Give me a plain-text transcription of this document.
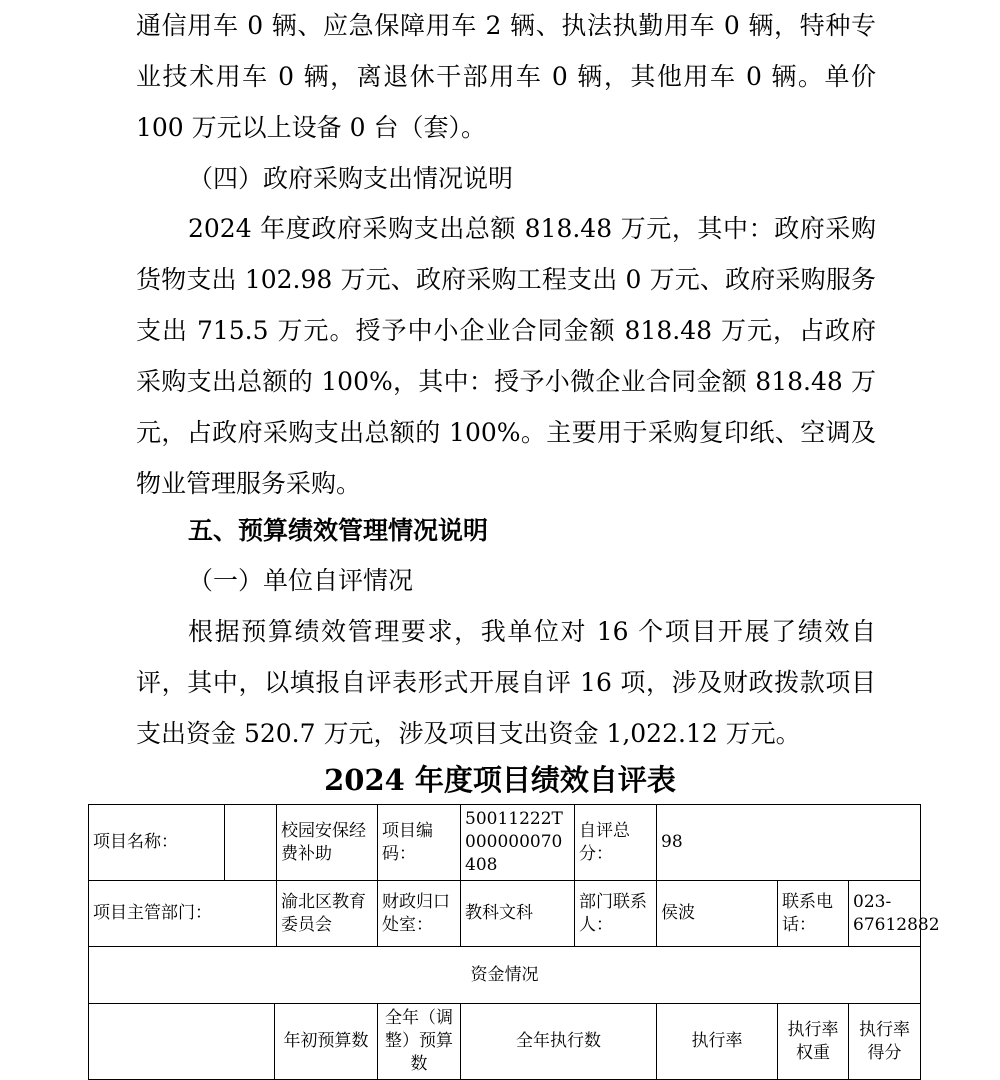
通信用车 0 辆、应急保障用车 2 辆、执法执勤用车 0 辆，特种专业技术用车 0 辆，离退休干部用车 0 辆，其他用车 0 辆。单价 100 万元以上设备 0 台（套）。

（四）政府采购支出情况说明

2024 年度政府采购支出总额 818.48 万元，其中：政府采购货物支出 102.98 万元、政府采购工程支出 0 万元、政府采购服务支出 715.5 万元。授予中小企业合同金额 818.48 万元，占政府采购支出总额的 100%，其中：授予小微企业合同金额 818.48 万元，占政府采购支出总额的 100%。主要用于采购复印纸、空调及物业管理服务采购。

五、预算绩效管理情况说明

（一）单位自评情况

根据预算绩效管理要求，我单位对 16 个项目开展了绩效自评，其中，以填报自评表形式开展自评 16 项，涉及财政拨款项目支出资金 520.7 万元，涉及项目支出资金 1,022.12 万元。

2024 年度项目绩效自评表

项目名称：			校园安保经费补助	项目编码：	50011222T000000070408	自评总分：	98		
项目主管部门：			渝北区教育委员会	财政归口处室：	教科文科	部门联系人：	侯波	联系电话：	023-67612882
资金情况									
		年初预算数		全年（调整）预算数	全年执行数		执行率	执行率权重	执行率得分
